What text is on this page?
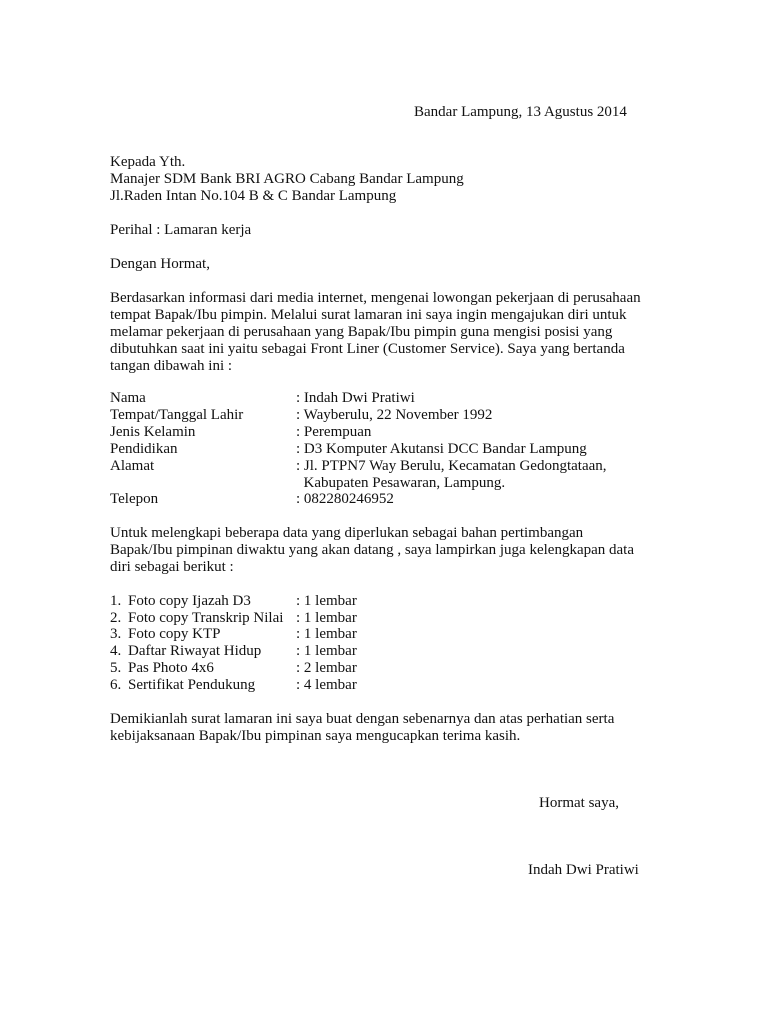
Bandar Lampung, 13 Agustus 2014
Kepada Yth.
Manajer SDM Bank BRI AGRO Cabang Bandar Lampung
Jl.Raden Intan No.104 B & C Bandar Lampung
Perihal : Lamaran kerja
Dengan Hormat,
Berdasarkan informasi dari media internet, mengenai lowongan pekerjaan di perusahaan
tempat Bapak/Ibu pimpin. Melalui surat lamaran ini saya ingin mengajukan diri untuk
melamar pekerjaan di perusahaan yang Bapak/Ibu pimpin guna mengisi posisi yang
dibutuhkan saat ini yaitu sebagai Front Liner (Customer Service). Saya yang bertanda
tangan dibawah ini :
Nama	: Indah Dwi Pratiwi
Tempat/Tanggal Lahir	: Wayberulu, 22 November 1992
Jenis Kelamin	: Perempuan
Pendidikan	: D3 Komputer Akutansi DCC Bandar Lampung
Alamat	: Jl. PTPN7 Way Berulu, Kecamatan Gedongtataan,
Kabupaten Pesawaran, Lampung.
Telepon	: 082280246952
Untuk melengkapi beberapa data yang diperlukan sebagai bahan pertimbangan
Bapak/Ibu pimpinan diwaktu yang akan datang , saya lampirkan juga kelengkapan data
diri sebagai berikut :
1. Foto copy Ijazah D3	: 1 lembar
2. Foto copy Transkrip Nilai : 1 lembar
3. Foto copy KTP	: 1 lembar
4. Daftar Riwayat Hidup : 1 lembar
5. Pas Photo 4x6	: 2 lembar
6. Sertifikat Pendukung	: 4 lembar
Demikianlah surat lamaran ini saya buat dengan sebenarnya dan atas perhatian serta
kebijaksanaan Bapak/Ibu pimpinan saya mengucapkan terima kasih.
Hormat saya,
Indah Dwi Pratiwi
